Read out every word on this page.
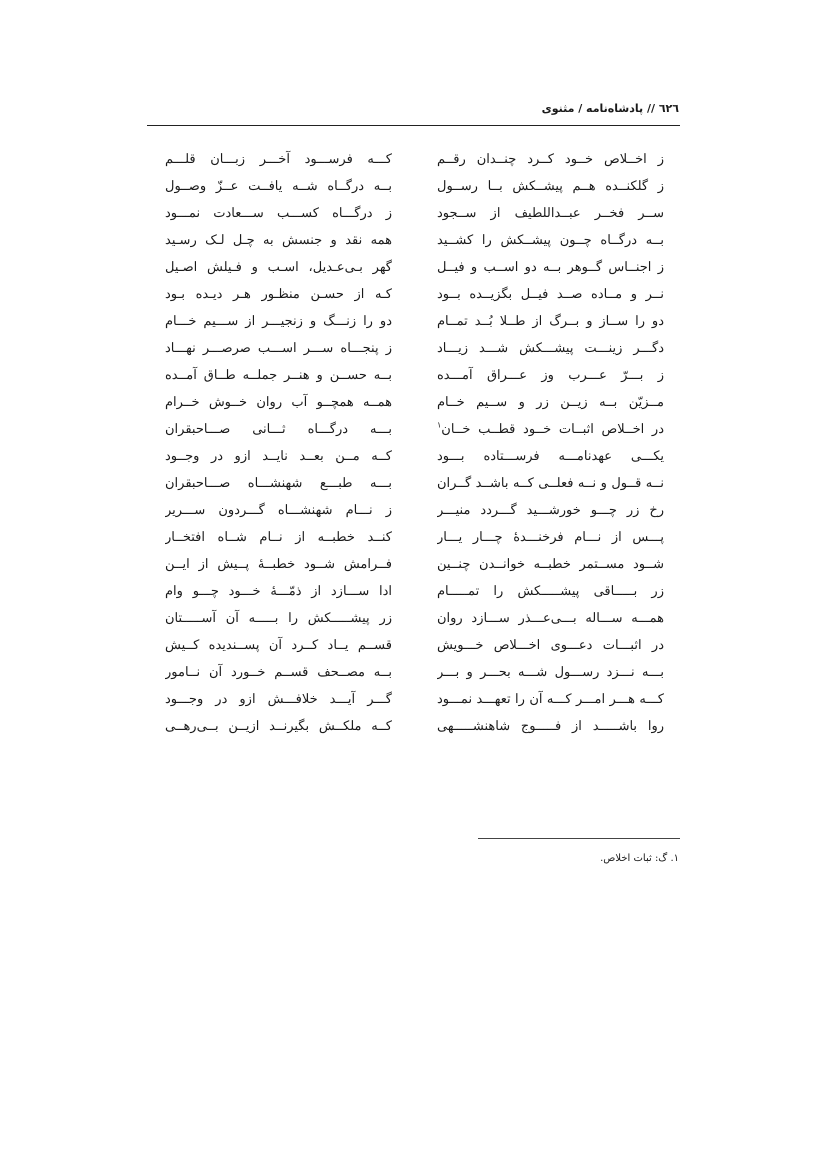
٦٢٦ // پادشاه‌نامه / مثنوی
ز اخــلاص خــود کــرد چنــدان رقــم
کـــه فرســـود آخـــر زبـــان قلـــم
ز گلکنــده هــم پیشــکش بــا رســول
بــه درگــاه شــه یافــت عــزّ وصــول
ســر فخــر عبــداللطیف از ســجود
ز درگـــاه کســـب ســـعادت نمـــود
بــه درگــاه چــون پیشــکش را کشــید
همه نقد و جنسش به چـل لـک رسـید
ز اجنــاس گــوهر بــه دو اســب و فیــل
گهر بـی‌عـدیل، اسـب و فـیلش اصـیل
نــر و مــاده صــد فیــل بگزیــده بــود
کـه از حسـن منظـور هـر دیـده بـود
دو را ســاز و بــرگ از طــلا بُــد تمــام
دو را زنـــگ و زنجیـــر از ســـیم خـــام
دگـــر زینـــت پیشـــکش شـــد زیـــاد
ز پنجـــاه ســـر اســـب صرصـــر نهـــاد
ز بـــرّ عـــرب وز عـــراق آمـــده
بــه حســن و هنــر جملــه طــاق آمــده
مــزیّن بــه زیــن زر و ســیم خــام
همــه همچــو آب روان خــوش خــرام
در اخــلاص اثبــات خــود قطــب خــان$^١$
بـــه درگـــاه ثـــانی صـــاحبقران
یکـــی عهدنامـــه فرســـتاده بـــود
کــه مــن بعــد نایــد ازو در وجــود
نــه قــول و نــه فعلــی کــه باشــد گــران
بـــه طبـــع شهنشـــاه صـــاحبقران
رخ زر چـــو خورشـــید گـــردد منیـــر
ز نـــام شهنشـــاه گـــردون ســـریر
پـــس از نـــام فرخنـــدهٔ چـــار یـــار
کنــد خطبــه از نــام شــاه افتخــار
شــود مســتمر خطبــه خوانــدن چنــین
فــرامش شــود خطبــهٔ پــیش از ایــن
زر بـــــاقی پیشـــــکش را تمـــــام
ادا ســـازد از ذمّـــهٔ خـــود چـــو وام
همـــه ســـاله بـــی‌عـــذر ســـازد روان
زر پیشـــــکش را بـــــه آن آســـــتان
در اثبـــات دعـــوی اخـــلاص خـــویش
قســم یــاد کــرد آن پســندیده کــیش
بـــه نـــزد رســـول شـــه بحـــر و بـــر
بــه مصــحف قســم خــورد آن نــامور
کـــه هـــر امـــر کـــه آن را تعهـــد نمـــود
گـــر آیـــد خلافـــش ازو در وجـــود
روا باشـــــد از فـــــوج شاهنشـــــهی
کــه ملکــش بگیرنــد ازیــن بــی‌رهــی
١. گ: ثبات اخلاص.
